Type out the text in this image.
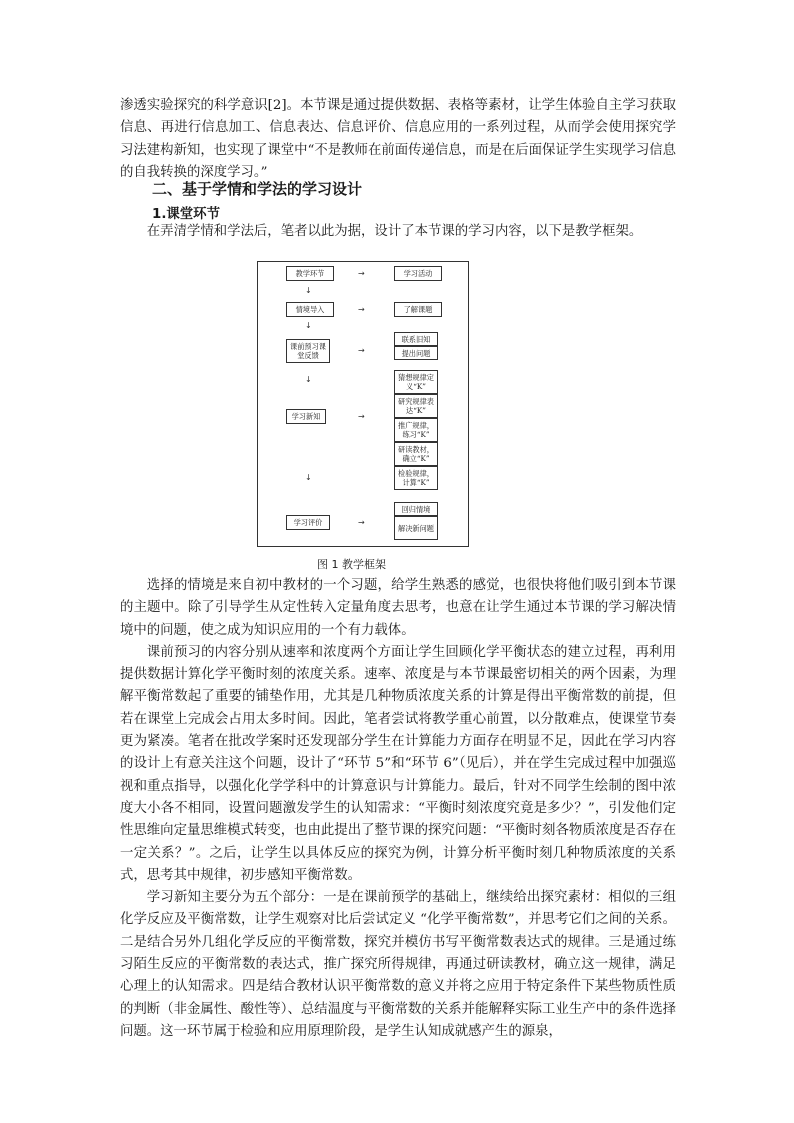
渗透实验探究的科学意识[2]。本节课是通过提供数据、表格等素材，让学生体验自主学习获取信息、再进行信息加工、信息表达、信息评价、信息应用的一系列过程，从而学会使用探究学习法建构新知，也实现了课堂中“不是教师在前面传递信息，而是在后面保证学生实现学习信息的自我转换的深度学习。”

二、基于学情和学法的学习设计
1.课堂环节

在弄清学情和学法后，笔者以此为据，设计了本节课的学习内容，以下是教学框架。

教学环节	→	学习活动
↓
情境导入	→	了解课题
↓
课前预习课堂反馈
→
联系旧知
提出问题
↓
学习新知	→
猜想规律定义“K”
研究规律表达“K”
推广规律，练习“K”
研读教材，确立“K”
检验规律，计算“K”
↓
学习评价	→
回归情境
解决新问题
图 1 教学框架

选择的情境是来自初中教材的一个习题，给学生熟悉的感觉，也很快将他们吸引到本节课的主题中。除了引导学生从定性转入定量角度去思考，也意在让学生通过本节课的学习解决情境中的问题，使之成为知识应用的一个有力载体。

课前预习的内容分别从速率和浓度两个方面让学生回顾化学平衡状态的建立过程，再利用提供数据计算化学平衡时刻的浓度关系。速率、浓度是与本节课最密切相关的两个因素，为理解平衡常数起了重要的铺垫作用，尤其是几种物质浓度关系的计算是得出平衡常数的前提，但若在课堂上完成会占用太多时间。因此，笔者尝试将教学重心前置，以分散难点，使课堂节奏更为紧凑。笔者在批改学案时还发现部分学生在计算能力方面存在明显不足，因此在学习内容的设计上有意关注这个问题，设计了“环节 5”和“环节 6”（见后），并在学生完成过程中加强巡视和重点指导，以强化化学学科中的计算意识与计算能力。最后，针对不同学生绘制的图中浓度大小各不相同，设置问题激发学生的认知需求：“平衡时刻浓度究竟是多少？”，引发他们定性思维向定量思维模式转变，也由此提出了整节课的探究问题：“平衡时刻各物质浓度是否存在一定关系？”。之后，让学生以具体反应的探究为例，计算分析平衡时刻几种物质浓度的关系式，思考其中规律，初步感知平衡常数。

学习新知主要分为五个部分：一是在课前预学的基础上，继续给出探究素材：相似的三组化学反应及平衡常数，让学生观察对比后尝试定义 “化学平衡常数”，并思考它们之间的关系。二是结合另外几组化学反应的平衡常数，探究并模仿书写平衡常数表达式的规律。三是通过练习陌生反应的平衡常数的表达式，推广探究所得规律，再通过研读教材，确立这一规律，满足心理上的认知需求。四是结合教材认识平衡常数的意义并将之应用于特定条件下某些物质性质的判断（非金属性、酸性等）、总结温度与平衡常数的关系并能解释实际工业生产中的条件选择问题。这一环节属于检验和应用原理阶段，是学生认知成就感产生的源泉，
